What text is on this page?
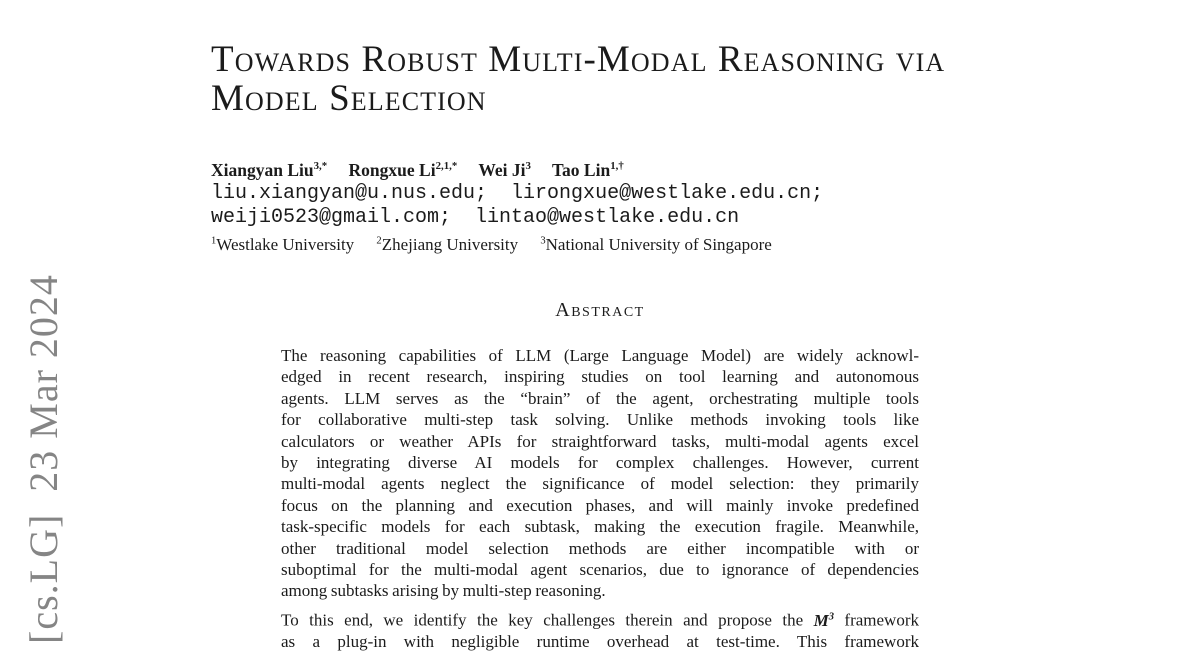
[cs.LG]  23 Mar 2024
Towards Robust Multi-Modal Reasoning via
Model Selection
Xiangyan Liu$^{3,*}$ Rongxue $Li^{2,1,*}$ Wei Ji$^3$ Tao Lin$^{1,\dagger}$
liu.xiangyan@u.nus.edu;  lirongxue@westlake.edu.cn;
weiji0523@gmail.com;  lintao@westlake.edu.cn
$^1$Westlake University $^2$Zhejiang University $^3$National University of Singapore
Abstract
The reasoning capabilities of LLM (Large Language Model) are widely acknowl-
edged in recent research, inspiring studies on tool learning and autonomous
agents. LLM serves as the “brain” of the agent, orchestrating multiple tools
for collaborative multi-step task solving. Unlike methods invoking tools like
calculators or weather APIs for straightforward tasks, multi-modal agents excel
by integrating diverse AI models for complex challenges. However, current
multi-modal agents neglect the significance of model selection: they primarily
focus on the planning and execution phases, and will mainly invoke predefined
task-specific models for each subtask, making the execution fragile. Meanwhile,
other traditional model selection methods are either incompatible with or
suboptimal for the multi-modal agent scenarios, due to ignorance of dependencies
among subtasks arising by multi-step reasoning.
To this end, we identify the key challenges therein and propose the $M^3$ framework
as a plug-in with negligible runtime overhead at test-time. This framework
